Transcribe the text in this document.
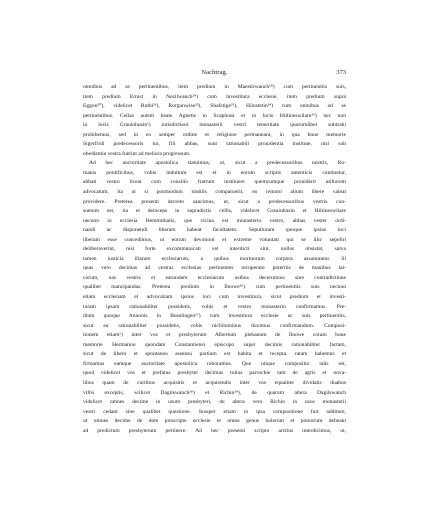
Nachtrag.	373
omnibus ad se pertinentibus, item predium in Maestirwanch¹⁸) cum pertinentiis suis,
item predium Ernist in Nezilwanch¹⁹) cum investitura ecclesie, item predium supra
Eggon²⁰), videlicet Ruthi²¹), Rorgunwise²²), Shafstige²³), Hönstetin²⁴) cum omnibus ad se
pertinentibus. Cellas autem beate Agnetis in Scaphusa et in locis Hiltineswilare²⁵) nec non
in locis Grauinhusin¹) iurisdictioni monasterii vestri temeritate quorumlibet subtrahi
prohibemus, sed in eo semper ordine et religione permaneant, in qua bone memorie
Sigerfridi predecessoris tui, fili abbas, sunt rationabili prouidentia institute, nisi sub
obedientia vestra fuerint ad meliora progressum.
Ad hec auctoritate apostolica statuimus, ut, sicut a predecessoribus nostris, Ro-
manis pontificibus, vobis indultum est et in eorum scriptis autenticis continetur,
abbati vestro liceat cum consilio fratrum instituere quemcumque prouiderit utiliorem
advocatum, ita ut si postmodum inutilis comparuerit, eo remoto alium libere valeat
providere. Preterea presenti decreto sancimus, ut, sicut a predecessoribus vestris con-
suetum est, ita et deinceps in supradictis cellis, videlicet Grauinhusin et Hiltineswilare
necnon in ecclesia Hemmithalis, que vicina est monasterio vestro, abbas vester ordi-
nandi ac disponendi liberam habeat facultatem. Sepulturam quoque ipsius loci
liberam esse concedimus, ut eorum devotioni et extreme voluntati qui se illic sepeliri
deliberaverint, nisi forte excommunicati vel interdicti sint, nullus obsistat, salva
tamen iusticia illarum ecclesiarum, a quibus mortuorum corpora assumuntur. Si
quas vero decimas ad vestras ecclesias pertinentes recuperare poteritis de manibus lai-
corum, eas vestris et earundem ecclesiarum usibus decernimus sine contradictione
qualibet mancipandas. Preterea predium in Ilnowe²⁶) cum pertinentiis suis necnon
etiam ecclesiam et advocatiam ipsius loci cum investitura, sicut predium et investi-
turam ipsam rationabiliter possidetis, vobis et vestro monasterio confirmamus. Pre-
dium quoque Annonis in Buselingen²⁷) cum investitura ecclesie ac suis pertinentiis,
sicut ea rationabiliter possidetis, vobis nichilominus duximus confirmandum. Composi-
tionem etiam¹) inter vos et presbyterum Albertum plebanum de Ilnowe coram bone
memorie Hermanno quondam Constantiensi episcopo super decimis rationabiliter factam,
sicut de libero et spontaneo assensu partium est habita et recepta, ratam habemus et
firmamus eamque auctoritate apostolica roboramus. Que utique compositio talis est,
quod videlicet vos et prefatus presbyter decimas totius parrochie tam de agris et nova-
libus quam de curtibus acquisitis et acquirendis inter vos equaliter dividatis duabus
villis exceptis, scilicet Dagilswanch²⁸) et Richin²⁹), de quarum altera Dagilswanch
videlicet omnes decime in usum presbyteri, de altera vero Richin in usus monasterii
vestri cedant sine qualibet questione. Insuper etiam in ipsa compositione fuit additum,
ut omnes decime de dote prescripte ecclesie et omne genus holerum et pomorum debeant
ad predictum presbyterum pertinere. Ad hec presenti scripto arctius interdicimus, ut,
